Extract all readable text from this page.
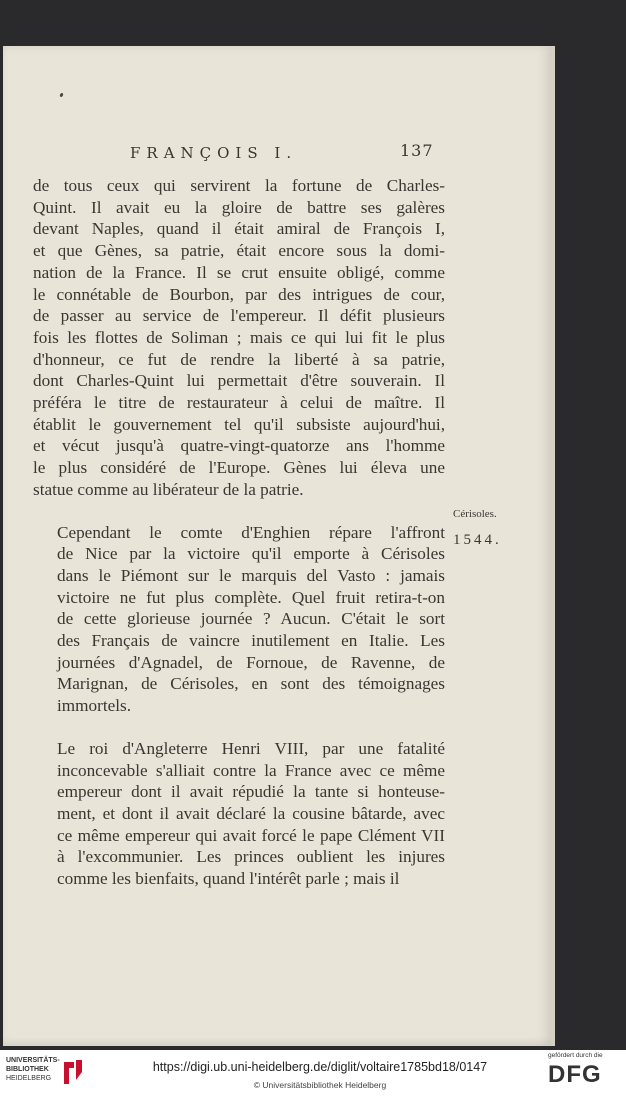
FRANÇOIS I.	137

de tous ceux qui servirent la fortune de Charles-
Quint. Il avait eu la gloire de battre ses galères
devant Naples, quand il était amiral de François I,
et que Gènes, sa patrie, était encore sous la domi-
nation de la France. Il se crut ensuite obligé, comme
le connétable de Bourbon, par des intrigues de cour,
de passer au service de l'empereur. Il défit plusieurs
fois les flottes de Soliman ; mais ce qui lui fit le plus
d'honneur, ce fut de rendre la liberté à sa patrie,
dont Charles-Quint lui permettait d'être souverain. Il
préféra le titre de restaurateur à celui de maître. Il
établit le gouvernement tel qu'il subsiste aujourd'hui,
et vécut jusqu'à quatre-vingt-quatorze ans l'homme
le plus considéré de l'Europe. Gènes lui éleva une
statue comme au libérateur de la patrie.

Cependant le comte d'Enghien répare l'affront
de Nice par la victoire qu'il emporte à Cérisoles
dans le Piémont sur le marquis del Vasto : jamais
victoire ne fut plus complète. Quel fruit retira-t-on
de cette glorieuse journée ? Aucun. C'était le sort
des Français de vaincre inutilement en Italie. Les
journées d'Agnadel, de Fornoue, de Ravenne, de
Marignan, de Cérisoles, en sont des témoignages
immortels.

Le roi d'Angleterre Henri VIII, par une fatalité
inconcevable s'alliait contre la France avec ce même
empereur dont il avait répudié la tante si honteuse-
ment, et dont il avait déclaré la cousine bâtarde, avec
ce même empereur qui avait forcé le pape Clément VII
à l'excommunier. Les princes oublient les injures
comme les bienfaits, quand l'intérêt parle ; mais il

Cérisoles.
1544.
UNIVERSITÄTS-
BIBLIOTHEK
HEIDELBERG
https://digi.ub.uni-heidelberg.de/diglit/voltaire1785bd18/0147
© Universitätsbibliothek Heidelberg
gefördert durch die
DFG
